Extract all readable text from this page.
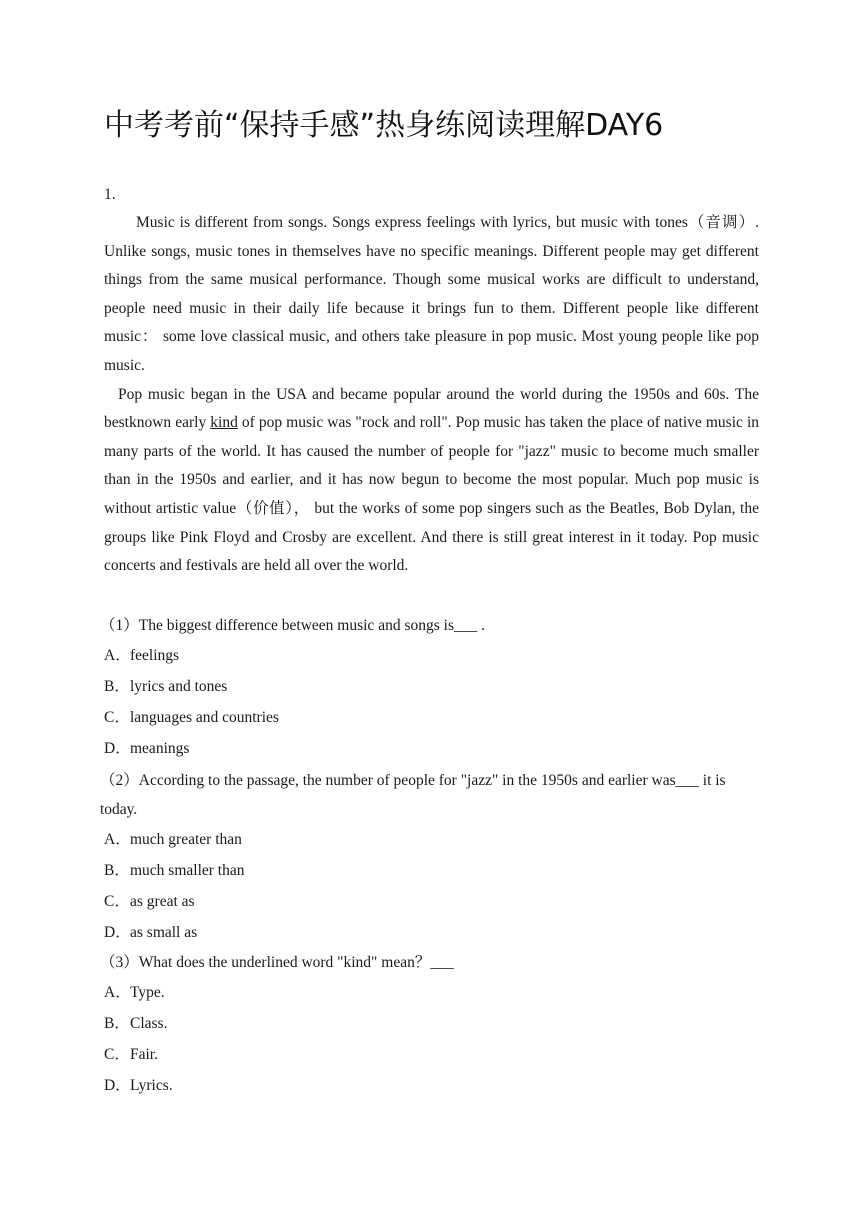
中考考前“保持手感”热身练阅读理解DAY6
1.

Music is different from songs. Songs express feelings with lyrics, but music with tones（音调）. Unlike songs, music tones in themselves have no specific meanings. Different people may get different things from the same musical performance. Though some musical works are difficult to understand, people need music in their daily life because it brings fun to them. Different people like different music： some love classical music, and others take pleasure in pop music. Most young people like pop music.

Pop music began in the USA and became popular around the world during the 1950s and 60s. The bestknown early kind of pop music was "rock and roll". Pop music has taken the place of native music in many parts of the world. It has caused the number of people for "jazz" music to become much smaller than in the 1950s and earlier, and it has now begun to become the most popular. Much pop music is without artistic value（价值）， but the works of some pop singers such as the Beatles, Bob Dylan, the groups like Pink Floyd and Crosby are excellent. And there is still great interest in it today. Pop music concerts and festivals are held all over the world.

（1）The biggest difference between music and songs is___ .

A．feelings

B．lyrics and tones

C．languages and countries

D．meanings

（2）According to the passage, the number of people for "jazz" in the 1950s and earlier was___ it is today.

A．much greater than

B．much smaller than

C．as great as

D．as small as

（3）What does the underlined word "kind" mean？___

A．Type.

B．Class.

C．Fair.

D．Lyrics.
